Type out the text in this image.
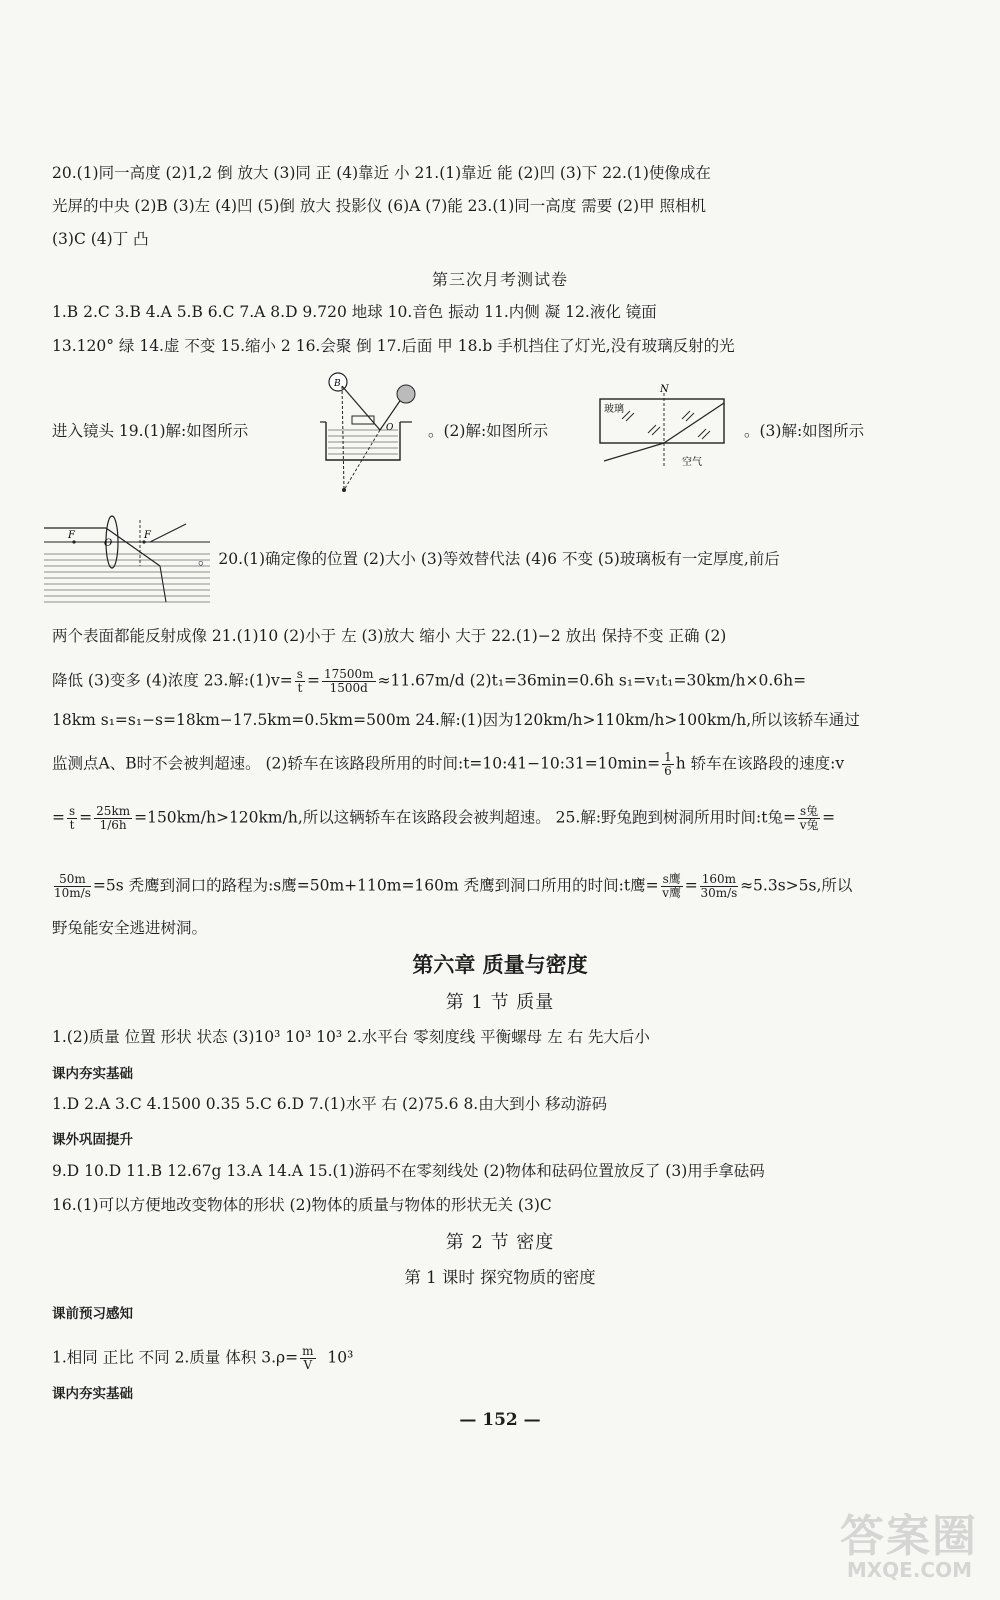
20.(1)同一高度 (2)1,2 倒 放大 (3)同 正 (4)靠近 小 21.(1)靠近 能 (2)凹 (3)下 22.(1)使像成在
光屏的中央 (2)B (3)左 (4)凹 (5)倒 放大 投影仪 (6)A (7)能 23.(1)同一高度 需要 (2)甲 照相机
(3)C (4)丁 凸
第三次月考测试卷
1.B 2.C 3.B 4.A 5.B 6.C 7.A 8.D 9.720 地球 10.音色 振动 11.内侧 凝 12.液化 镜面
13.120° 绿 14.虚 不变 15.缩小 2 16.会聚 倒 17.后面 甲 18.b 手机挡住了灯光,没有玻璃反射的光
进入镜头 19.(1)解:如图所示
B
O 。(2)解:如图所示
N
玻璃
空气
。(3)解:如图所示
F
O
F
。 20.(1)确定像的位置 (2)大小 (3)等效替代法 (4)6 不变 (5)玻璃板有一定厚度,前后
两个表面都能反射成像 21.(1)10 (2)小于 左 (3)放大 缩小 大于 22.(1)−2 放出 保持不变 正确 (2)
降低 (3)变多 (4)浓度 23.解:(1)v= $\frac{s}{t} = \frac{17500m}{1500d} \approx 11.67m/d$ (2)t₁=36min=0.6h s₁=v₁t₁=30km/h×0.6h=
18km s₁=s₁−s=18km−17.5km=0.5km=500m 24.解:(1)因为120km/h>110km/h>100km/h,所以该轿车通过
监测点A、B时不会被判超速。 (2)轿车在该路段所用的时间:t=10:41−10:31=10min= $\frac{1}{6}$ h 轿车在该路段的速度:v
= $\frac{s}{t} = \frac{25km}{1/6h} =150km/h>120km/h$,所以这辆轿车在该路段会被判超速。 25.解:野兔跑到树洞所用时间:t兔= $\frac{\text{s兔}}{\text{v兔}}$ =
$\frac{50m}{10m/s} =5s$ 秃鹰到洞口的路程为:s鹰=50m+110m=160m 秃鹰到洞口所用的时间:t鹰= $\frac{\text{s鹰}}{\text{v鹰}} = \frac{160m}{30m/s} \approx 5.3s>5s$,所以
野兔能安全逃进树洞。
第六章 质量与密度
第 1 节 质量
1.(2)质量 位置 形状 状态 (3)10³ 10³ 10³ 2.水平台 零刻度线 平衡螺母 左 右 先大后小
课内夯实基础
1.D 2.A 3.C 4.1500 0.35 5.C 6.D 7.(1)水平 右 (2)75.6 8.由大到小 移动游码
课外巩固提升
9.D 10.D 11.B 12.67g 13.A 14.A 15.(1)游码不在零刻线处 (2)物体和砝码位置放反了 (3)用手拿砝码
16.(1)可以方便地改变物体的形状 (2)物体的质量与物体的形状无关 (3)C
第 2 节 密度
第 1 课时 探究物质的密度
课前预习感知
1.相同 正比 不同 2.质量 体积 $3.\rho= \frac{m}{V} 10^3$
课内夯实基础
— 152 —
答案圈
MXQE.COM
